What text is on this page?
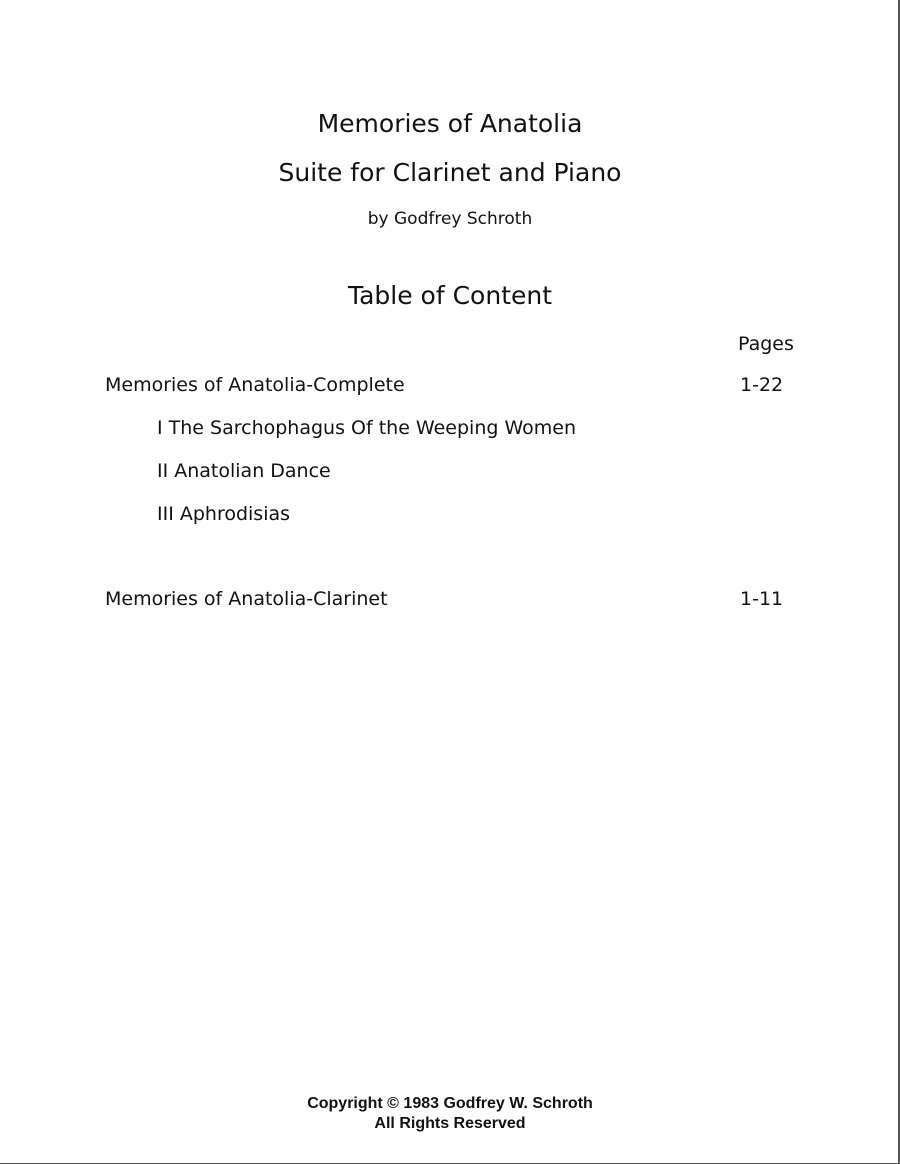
Memories of Anatolia
Suite for Clarinet and Piano
by Godfrey Schroth
Table of Content
Pages
Memories of Anatolia-Complete	1-22
I The Sarchophagus Of the Weeping Women
II Anatolian Dance
III Aphrodisias
Memories of Anatolia-Clarinet	1-11
Copyright © 1983 Godfrey W. Schroth
All Rights Reserved
